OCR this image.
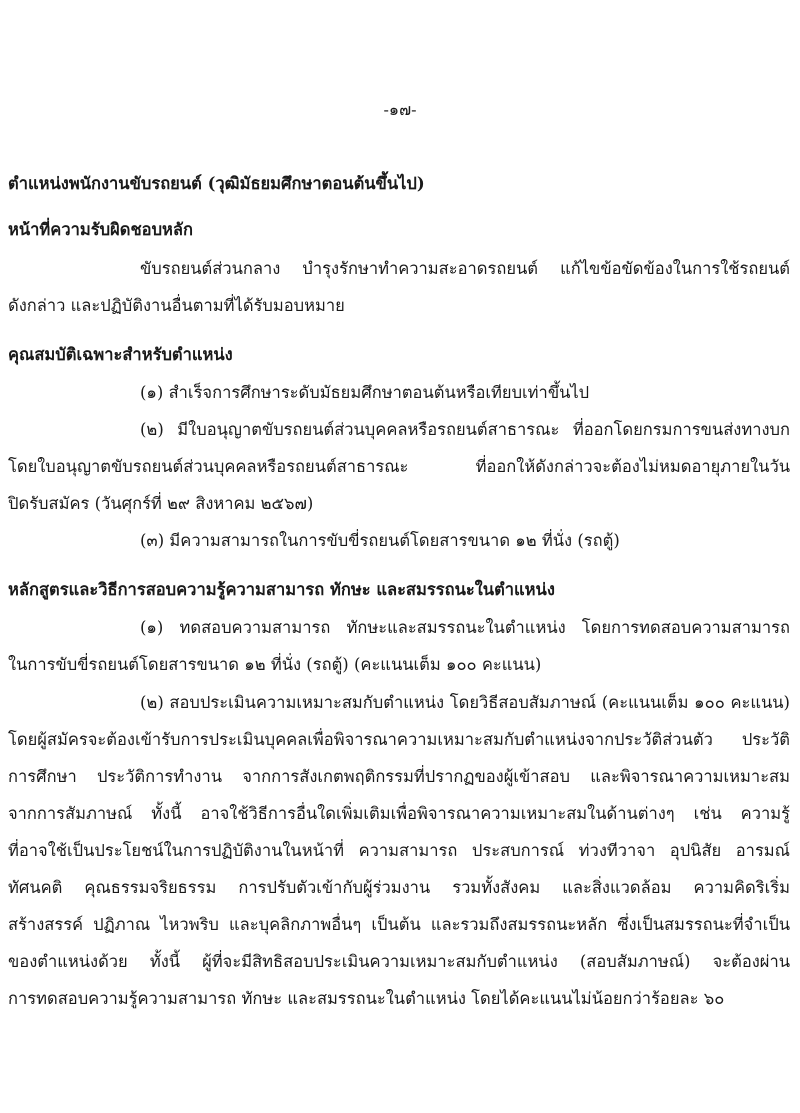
-๑๗-
ตำแหน่งพนักงานขับรถยนต์ (วุฒิมัธยมศึกษาตอนต้นขึ้นไป)
หน้าที่ความรับผิดชอบหลัก
ขับรถยนต์ส่วนกลาง บำรุงรักษาทำความสะอาดรถยนต์ แก้ไขข้อขัดข้องในการใช้รถยนต์
ดังกล่าว และปฏิบัติงานอื่นตามที่ได้รับมอบหมาย
คุณสมบัติเฉพาะสำหรับตำแหน่ง
(๑) สำเร็จการศึกษาระดับมัธยมศึกษาตอนต้นหรือเทียบเท่าขึ้นไป
(๒) มีใบอนุญาตขับรถยนต์ส่วนบุคคลหรือรถยนต์สาธารณะ ที่ออกโดยกรมการขนส่งทางบก
โดยใบอนุญาตขับรถยนต์ส่วนบุคคลหรือรถยนต์สาธารณะ ที่ออกให้ดังกล่าวจะต้องไม่หมดอายุภายในวัน
ปิดรับสมัคร (วันศุกร์ที่ ๒๙ สิงหาคม ๒๕๖๗)
(๓) มีความสามารถในการขับขี่รถยนต์โดยสารขนาด ๑๒ ที่นั่ง (รถตู้)
หลักสูตรและวิธีการสอบความรู้ความสามารถ ทักษะ และสมรรถนะในตำแหน่ง
(๑) ทดสอบความสามารถ ทักษะและสมรรถนะในตำแหน่ง โดยการทดสอบความสามารถ
ในการขับขี่รถยนต์โดยสารขนาด ๑๒ ที่นั่ง (รถตู้) (คะแนนเต็ม ๑๐๐ คะแนน)
(๒) สอบประเมินความเหมาะสมกับตำแหน่ง โดยวิธีสอบสัมภาษณ์ (คะแนนเต็ม ๑๐๐ คะแนน)
โดยผู้สมัครจะต้องเข้ารับการประเมินบุคคลเพื่อพิจารณาความเหมาะสมกับตำแหน่งจากประวัติส่วนตัว ประวัติ
การศึกษา ประวัติการทำงาน จากการสังเกตพฤติกรรมที่ปรากฏของผู้เข้าสอบ และพิจารณาความเหมาะสม
จากการสัมภาษณ์ ทั้งนี้ อาจใช้วิธีการอื่นใดเพิ่มเติมเพื่อพิจารณาความเหมาะสมในด้านต่างๆ เช่น ความรู้
ที่อาจใช้เป็นประโยชน์ในการปฏิบัติงานในหน้าที่ ความสามารถ ประสบการณ์ ท่วงทีวาจา อุปนิสัย อารมณ์
ทัศนคติ คุณธรรมจริยธรรม การปรับตัวเข้ากับผู้ร่วมงาน รวมทั้งสังคม และสิ่งแวดล้อม ความคิดริเริ่ม
สร้างสรรค์ ปฏิภาณ ไหวพริบ และบุคลิกภาพอื่นๆ เป็นต้น และรวมถึงสมรรถนะหลัก ซึ่งเป็นสมรรถนะที่จำเป็น
ของตำแหน่งด้วย ทั้งนี้ ผู้ที่จะมีสิทธิสอบประเมินความเหมาะสมกับตำแหน่ง (สอบสัมภาษณ์) จะต้องผ่าน
การทดสอบความรู้ความสามารถ ทักษะ และสมรรถนะในตำแหน่ง โดยได้คะแนนไม่น้อยกว่าร้อยละ ๖๐
